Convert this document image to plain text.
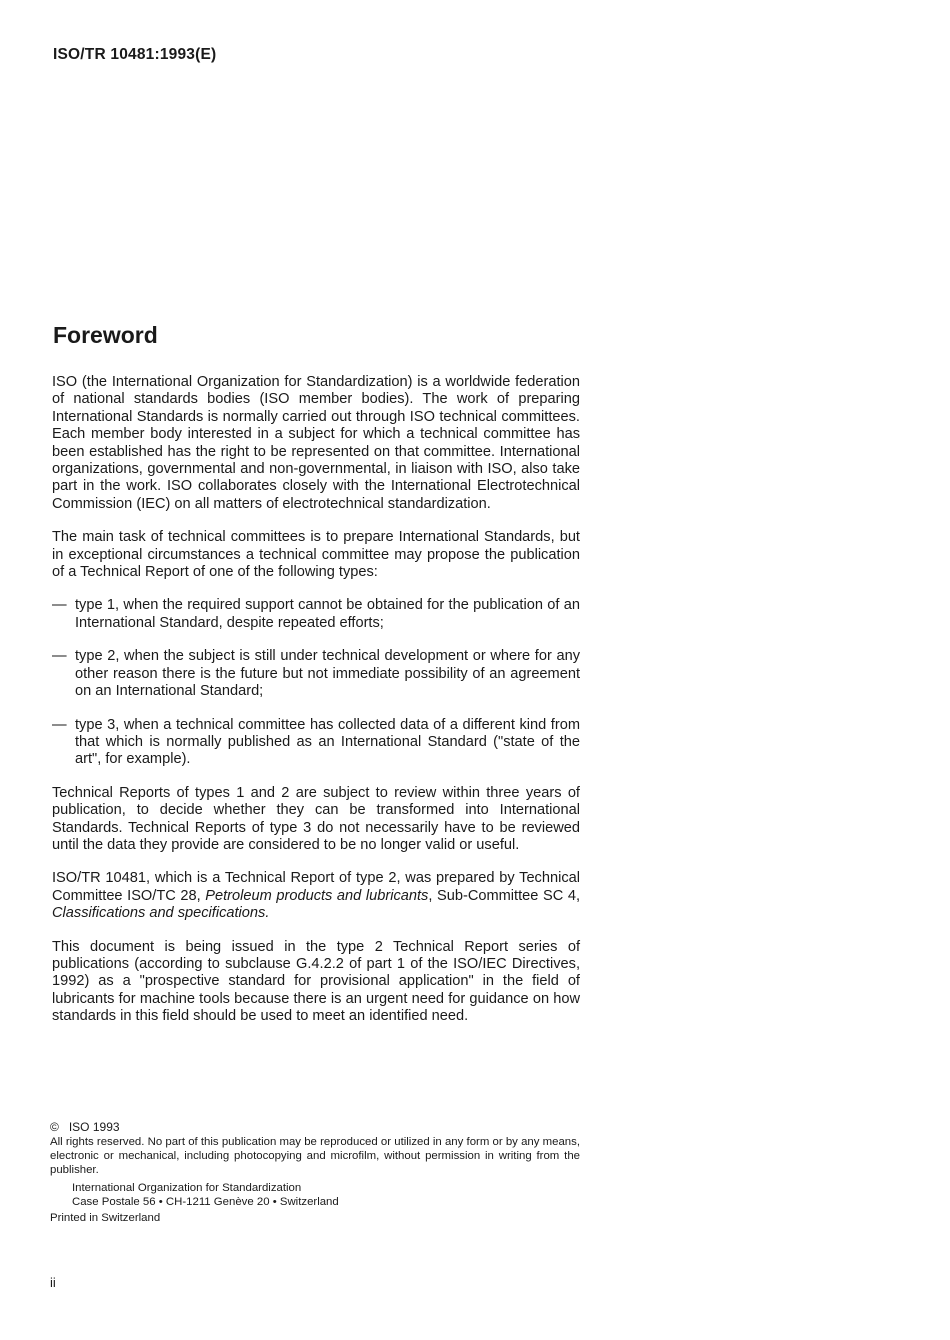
ISO/TR 10481:1993(E)
Foreword

ISO (the International Organization for Standardization) is a worldwide federation of national standards bodies (ISO member bodies). The work of preparing International Standards is normally carried out through ISO technical committees. Each member body interested in a subject for which a technical committee has been established has the right to be represented on that committee. International organizations, governmental and non-governmental, in liaison with ISO, also take part in the work. ISO collaborates closely with the International Electrotechnical Commission (IEC) on all matters of electrotechnical standardization.

The main task of technical committees is to prepare International Standards, but in exceptional circumstances a technical committee may propose the publication of a Technical Report of one of the following types:

— type 1, when the required support cannot be obtained for the publication of an International Standard, despite repeated efforts;
— type 2, when the subject is still under technical development or where for any other reason there is the future but not immediate possibility of an agreement on an International Standard;
— type 3, when a technical committee has collected data of a different kind from that which is normally published as an International Standard ("state of the art", for example).

Technical Reports of types 1 and 2 are subject to review within three years of publication, to decide whether they can be transformed into International Standards. Technical Reports of type 3 do not necessarily have to be reviewed until the data they provide are considered to be no longer valid or useful.

ISO/TR 10481, which is a Technical Report of type 2, was prepared by Technical Committee ISO/TC 28, Petroleum products and lubricants, Sub-Committee SC 4, Classifications and specifications.

This document is being issued in the type 2 Technical Report series of publications (according to subclause G.4.2.2 of part 1 of the ISO/IEC Directives, 1992) as a "prospective standard for provisional application" in the field of lubricants for machine tools because there is an urgent need for guidance on how standards in this field should be used to meet an identified need.

© ISO 1993
All rights reserved. No part of this publication may be reproduced or utilized in any form or by any means, electronic or mechanical, including photocopying and microfilm, without permission in writing from the publisher.
International Organization for Standardization
Case Postale 56 • CH-1211 Genève 20 • Switzerland
Printed in Switzerland
ii
